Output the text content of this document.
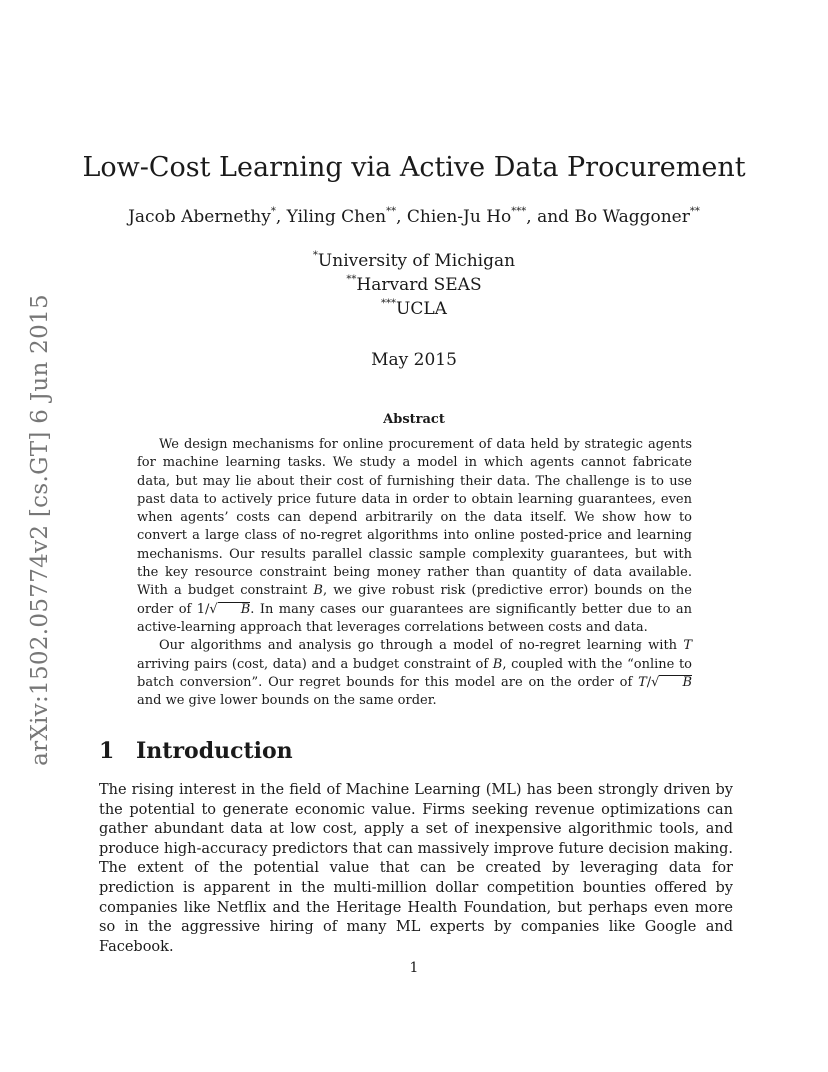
arXiv:1502.05774v2 [cs.GT] 6 Jun 2015
Low-Cost Learning via Active Data Procurement
Jacob Abernethy*, Yiling Chen**, Chien-Ju Ho***, and Bo Waggoner**
*University of Michigan
**Harvard SEAS
***UCLA
May 2015
Abstract

We design mechanisms for online procurement of data held by strategic agents for machine learning tasks. We study a model in which agents cannot fabricate data, but may lie about their cost of furnishing their data. The challenge is to use past data to actively price future data in order to obtain learning guarantees, even when agents’ costs can depend arbitrarily on the data itself. We show how to convert a large class of no-regret algorithms into online posted-price and learning mechanisms. Our results parallel classic sample complexity guarantees, but with the key resource constraint being money rather than quantity of data available. With a budget constraint B, we give robust risk (predictive error) bounds on the order of 1/√ B. In many cases our guarantees are significantly better due to an active-learning approach that leverages correlations between costs and data.

Our algorithms and analysis go through a model of no-regret learning with T arriving pairs (cost, data) and a budget constraint of B, coupled with the “online to batch conversion”. Our regret bounds for this model are on the order of T/√ B and we give lower bounds on the same order.

1 Introduction

The rising interest in the field of Machine Learning (ML) has been strongly driven by the potential to generate economic value. Firms seeking revenue optimizations can gather abundant data at low cost, apply a set of inexpensive algorithmic tools, and produce high-accuracy predictors that can massively improve future decision making. The extent of the potential value that can be created by leveraging data for prediction is apparent in the multi-million dollar competition bounties offered by companies like Netflix and the Heritage Health Foundation, but perhaps even more so in the aggressive hiring of many ML experts by companies like Google and Facebook.

1
